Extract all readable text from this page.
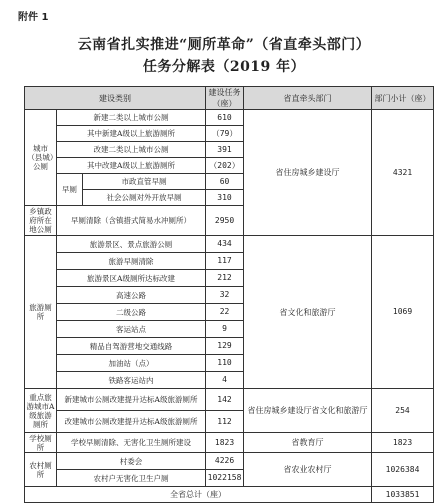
附件 1
云南省扎实推进“厕所革命”（省直牵头部门）
任务分解表（2019 年）
建设类别			建设任务（座）	省直牵头部门	部门小计（座）
城市（县城）公厕	新建二类以上城市公厕		610	省住房城乡建设厅	4321
	其中新建A级以上旅游厕所		（79）		
	改建二类以上城市公厕		391		
	其中改建A级以上旅游厕所		（202）		
	早厕	市政直管早厕	60		
		社会公厕对外开放早厕	310		
乡镇政府所在地公厕	早厕清除（含镇措式简易水冲厕所）		2950		
旅游厕所	旅游景区、景点旅游公厕		434	省文化和旅游厅	1069
	旅游早厕清除		117		
	旅游景区A级厕所达标改建		212		
	高速公路		32		
	二级公路		22		
	客运站点		9		
	精品自驾游营地交通线路		129		
	加油站（点）		110		
	铁路客运站内		4		
重点旅游城市A级旅游厕所	新建城市公厕改建提升达标A级旅游厕所		142	省住房城乡建设厅省文化和旅游厅	254
	改建城市公厕改建提升达标A级旅游厕所		112		
学校厕所	学校早厕清除、无害化卫生厕所建设		1823	省教育厅	1823
农村厕所	村委会		4226	省农业农村厅	1026384
	农村户无害化卫生户厕		1022158		
全省总计（座）					1033851
